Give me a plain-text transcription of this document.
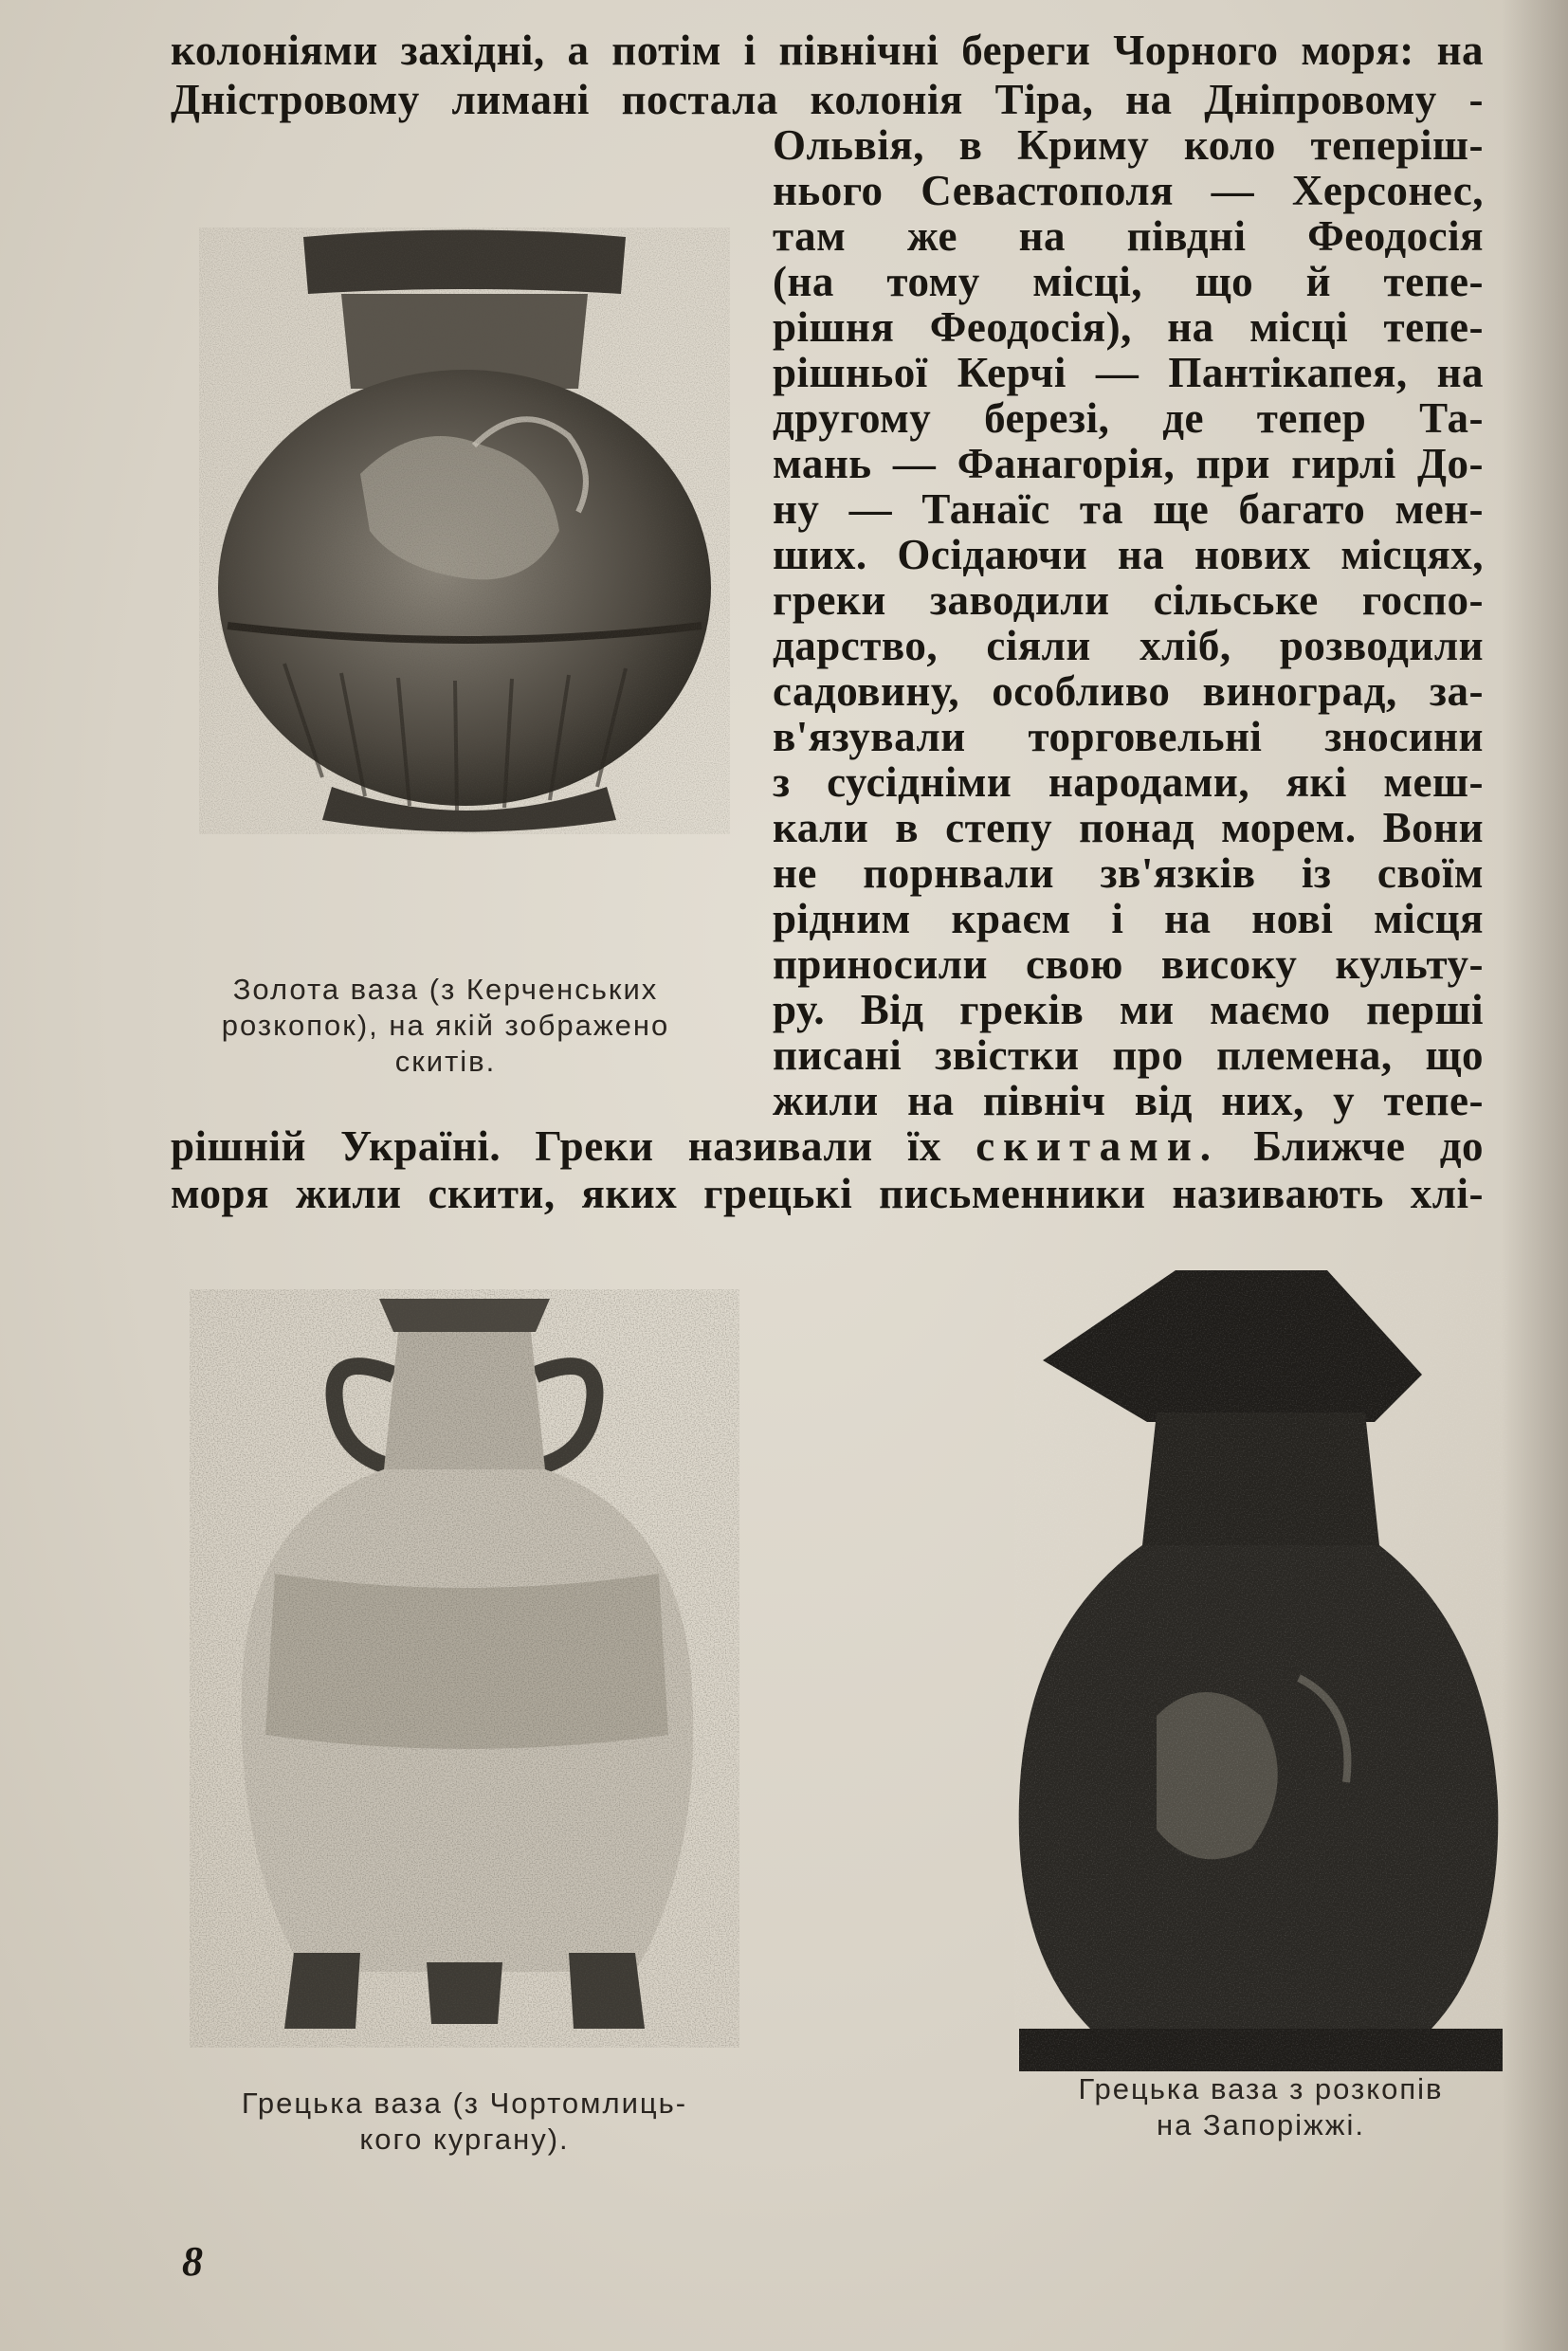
колоніями західні, а потім і північні береги Чорного моря: на
Дністровому лимані постала колонія Тіра, на Дніпровому -
Ольвія, в Криму коло теперіш-
нього Севастополя — Херсонес,
там же на півдні Феодосія
(на тому місці, що й тепе-
рішня Феодосія), на місці тепе-
рішньої Керчі — Пантікапея, на
другому березі, де тепер Та-
мань — Фанагорія, при гирлі До-
ну — Танаїс та ще багато мен-
ших. Осідаючи на нових місцях,
греки заводили сільське госпо-
дарство, сіяли хліб, розводили
садовину, особливо виноград, за-
в'язували торговельні зносини
з сусідніми народами, які меш-
кали в степу понад морем. Вони
не порнвали зв'язків із своїм
рідним краєм і на нові місця
приносили свою високу культу-
ру. Від греків ми маємо перші
писані звістки про племена, що
жили на північ від них, у тепе-
рішній Україні. Греки називали їх скитами. Ближче до
моря жили скити, яких грецькі письменники називають хлі-
Золота ваза (з Керченських
розкопок), на якій зображено
скитів.
Грецька ваза (з Чортомлиць-
кого кургану).
Грецька ваза з розкопів
на Запоріжжі.
8
